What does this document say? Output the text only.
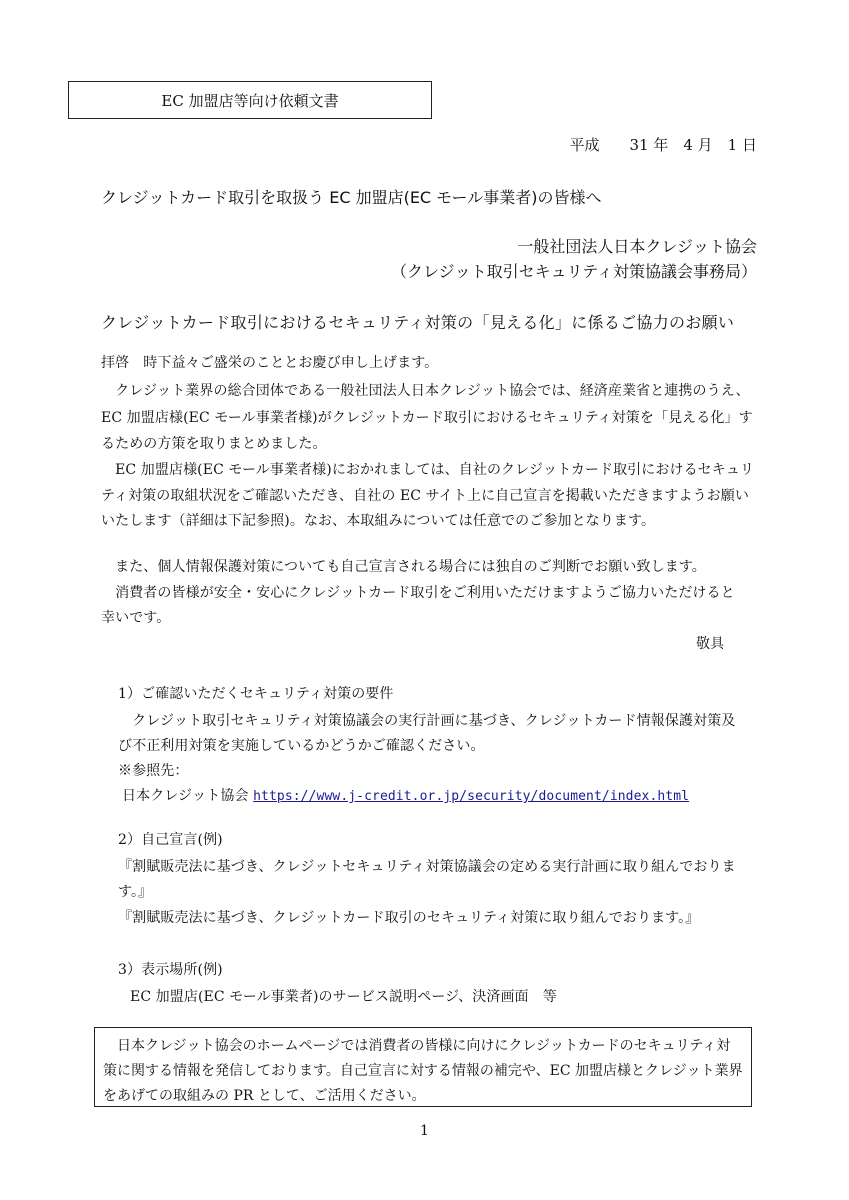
EC 加盟店等向け依頼文書
平成　　31 年　4 月　1 日
クレジットカード取引を取扱う EC 加盟店(EC モール事業者)の皆様へ
一般社団法人日本クレジット協会
（クレジット取引セキュリティ対策協議会事務局）
クレジットカード取引におけるセキュリティ対策の「見える化」に係るご協力のお願い
拝啓　時下益々ご盛栄のこととお慶び申し上げます。
　クレジット業界の総合団体である一般社団法人日本クレジット協会では、経済産業省と連携のうえ、
EC 加盟店様(EC モール事業者様)がクレジットカード取引におけるセキュリティ対策を「見える化」す
るための方策を取りまとめました。
　EC 加盟店様(EC モール事業者様)におかれましては、自社のクレジットカード取引におけるセキュリ
ティ対策の取組状況をご確認いただき、自社の EC サイト上に自己宣言を掲載いただきますようお願い
いたします（詳細は下記参照)。なお、本取組みについては任意でのご参加となります。
　また、個人情報保護対策についても自己宣言される場合には独自のご判断でお願い致します。
　消費者の皆様が安全・安心にクレジットカード取引をご利用いただけますようご協力いただけると
幸いです。
敬具
1）ご確認いただくセキュリティ対策の要件
　クレジット取引セキュリティ対策協議会の実行計画に基づき、クレジットカード情報保護対策及
び不正利用対策を実施しているかどうかご確認ください。
※参照先：
日本クレジット協会 https://www.j-credit.or.jp/security/document/index.html
2）自己宣言(例)
『割賦販売法に基づき、クレジットセキュリティ対策協議会の定める実行計画に取り組んでおりま
す。』
『割賦販売法に基づき、クレジットカード取引のセキュリティ対策に取り組んでおります。』
3）表示場所(例)
EC 加盟店(EC モール事業者)のサービス説明ページ、決済画面　等
　日本クレジット協会のホームページでは消費者の皆様に向けにクレジットカードのセキュリティ対策に関する情報を発信しております。自己宣言に対する情報の補完や、EC 加盟店様とクレジット業界をあげての取組みの PR として、ご活用ください。
1
